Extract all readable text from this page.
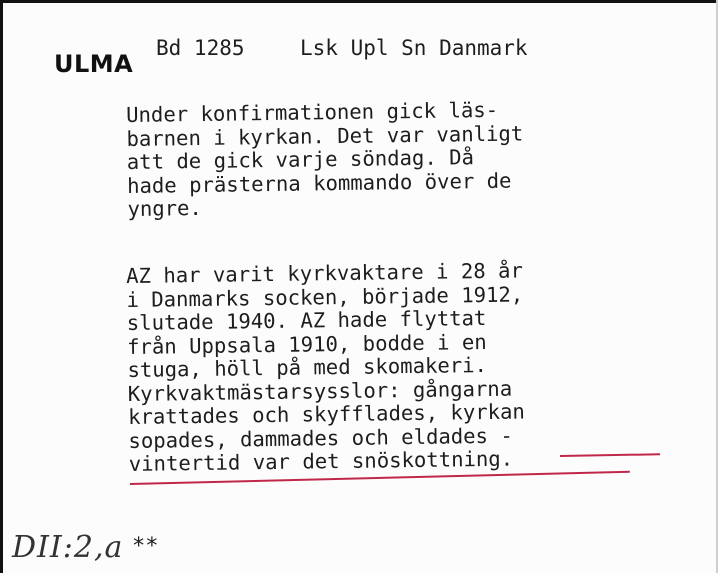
ULMA
Bd 1285	Lsk Upl Sn Danmark
Under konfirmationen gick läs-
barnen i kyrkan. Det var vanligt
att de gick varje söndag. Då
hade prästerna kommando över de
yngre.
AZ har varit kyrkvaktare i 28 år
i Danmarks socken, började 1912,
slutade 1940. AZ hade flyttat
från Uppsala 1910, bodde i en
stuga, höll på med skomakeri.
Kyrkvaktmästarsysslor: gångarna
krattades och skyfflades, kyrkan
sopades, dammades och eldades -
vintertid var det snöskottning.
DII:2,a **
